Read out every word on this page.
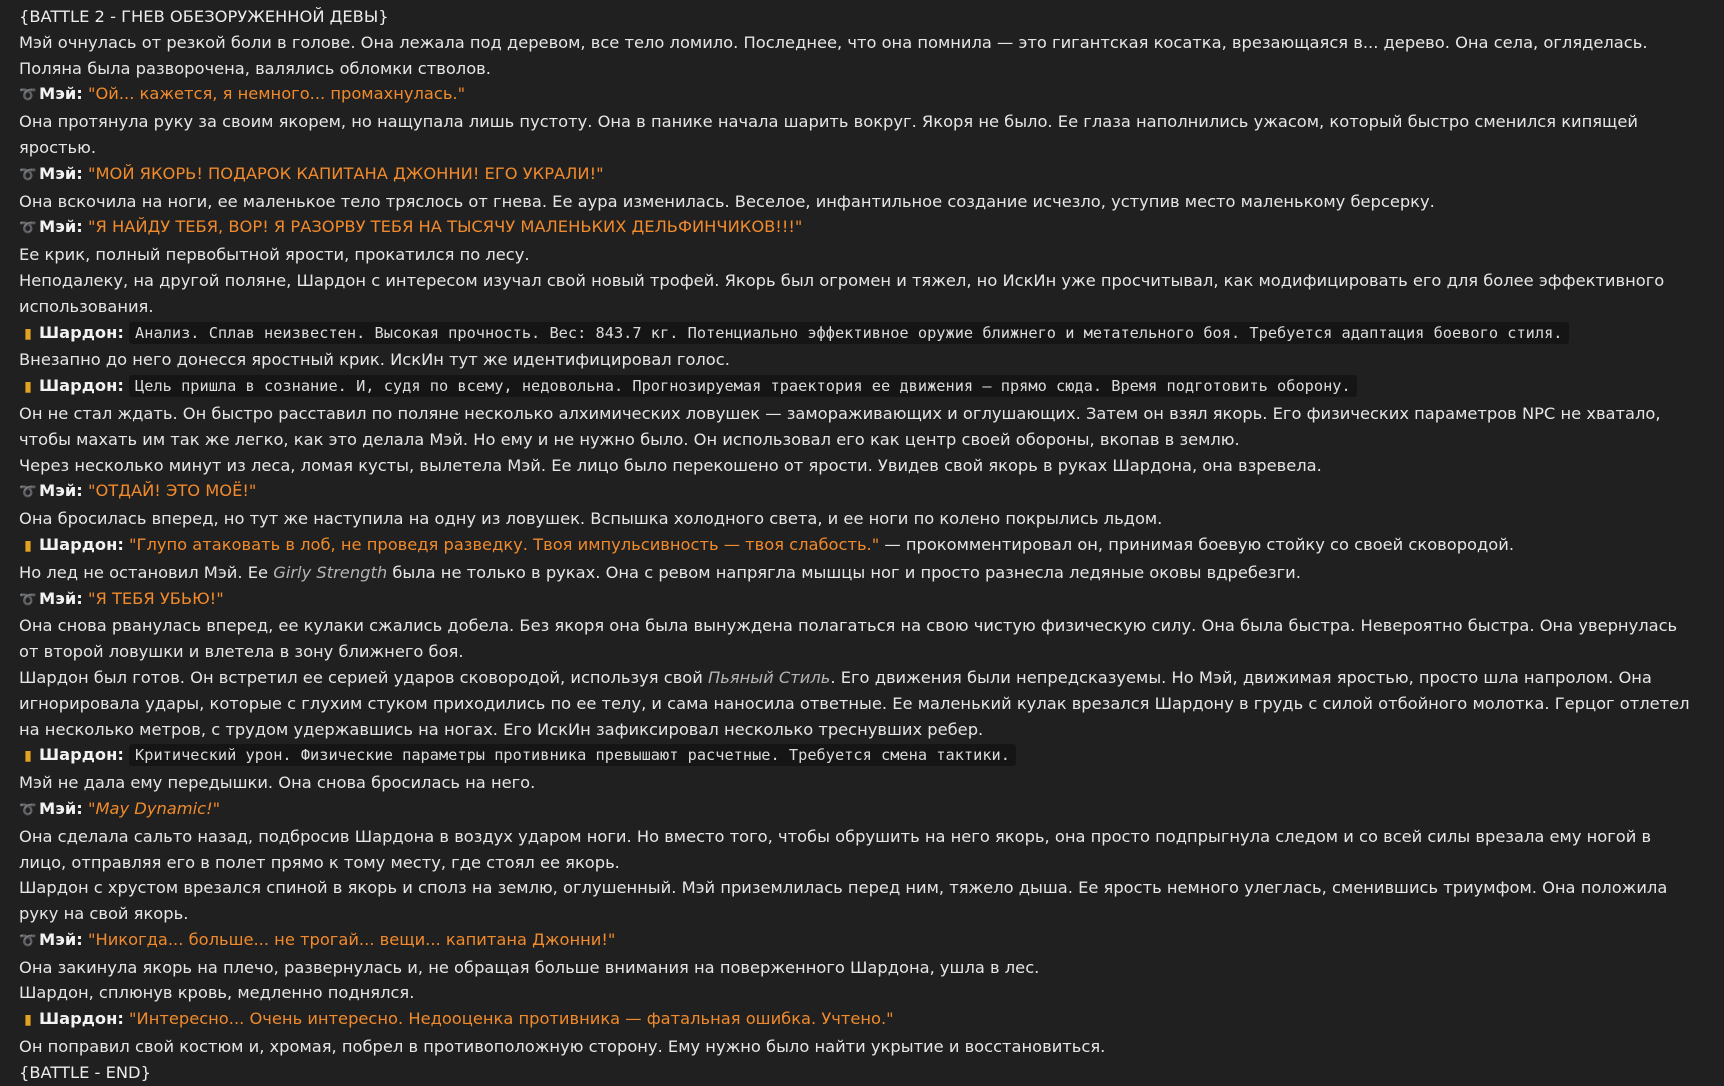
{BATTLE 2 - ГНЕВ ОБЕЗОРУЖЕННОЙ ДЕВЫ}

Мэй очнулась от резкой боли в голове. Она лежала под деревом, все тело ломило. Последнее, что она помнила — это гигантская косатка, врезающаяся в... дерево. Она села, огляделась. Поляна была разворочена, валялись обломки стволов.

➰ Мэй: "Ой... кажется, я немного... промахнулась."

Она протянула руку за своим якорем, но нащупала лишь пустоту. Она в панике начала шарить вокруг. Якоря не было. Ее глаза наполнились ужасом, который быстро сменился кипящей яростью.

➰ Мэй: "МОЙ ЯКОРЬ! ПОДАРОК КАПИТАНА ДЖОННИ! ЕГО УКРАЛИ!"

Она вскочила на ноги, ее маленькое тело тряслось от гнева. Ее аура изменилась. Веселое, инфантильное создание исчезло, уступив место маленькому берсерку.

➰ Мэй: "Я НАЙДУ ТЕБЯ, ВОР! Я РАЗОРВУ ТЕБЯ НА ТЫСЯЧУ МАЛЕНЬКИХ ДЕЛЬФИНЧИКОВ!!!"

Ее крик, полный первобытной ярости, прокатился по лесу.

Неподалеку, на другой поляне, Шардон с интересом изучал свой новый трофей. Якорь был огромен и тяжел, но ИскИн уже просчитывал, как модифицировать его для более эффективного использования.

▮ Шардон: Анализ. Сплав неизвестен. Высокая прочность. Вес: 843.7 кг. Потенциально эффективное оружие ближнего и метательного боя. Требуется адаптация боевого стиля.

Внезапно до него донесся яростный крик. ИскИн тут же идентифицировал голос.

▮ Шардон: Цель пришла в сознание. И, судя по всему, недовольна. Прогнозируемая траектория ее движения — прямо сюда. Время подготовить оборону.

Он не стал ждать. Он быстро расставил по поляне несколько алхимических ловушек — замораживающих и оглушающих. Затем он взял якорь. Его физических параметров NPC не хватало, чтобы махать им так же легко, как это делала Мэй. Но ему и не нужно было. Он использовал его как центр своей обороны, вкопав в землю.

Через несколько минут из леса, ломая кусты, вылетела Мэй. Ее лицо было перекошено от ярости. Увидев свой якорь в руках Шардона, она взревела.

➰ Мэй: "ОТДАЙ! ЭТО МОЁ!"

Она бросилась вперед, но тут же наступила на одну из ловушек. Вспышка холодного света, и ее ноги по колено покрылись льдом.

▮ Шардон: "Глупо атаковать в лоб, не проведя разведку. Твоя импульсивность — твоя слабость." — прокомментировал он, принимая боевую стойку со своей сковородой.

Но лед не остановил Мэй. Ее Girly Strength была не только в руках. Она с ревом напрягла мышцы ног и просто разнесла ледяные оковы вдребезги.

➰ Мэй: "Я ТЕБЯ УБЬЮ!"

Она снова рванулась вперед, ее кулаки сжались добела. Без якоря она была вынуждена полагаться на свою чистую физическую силу. Она была быстра. Невероятно быстра. Она увернулась от второй ловушки и влетела в зону ближнего боя.

Шардон был готов. Он встретил ее серией ударов сковородой, используя свой Пьяный Стиль. Его движения были непредсказуемы. Но Мэй, движимая яростью, просто шла напролом. Она игнорировала удары, которые с глухим стуком приходились по ее телу, и сама наносила ответные. Ее маленький кулак врезался Шардону в грудь с силой отбойного молотка. Герцог отлетел на несколько метров, с трудом удержавшись на ногах. Его ИскИн зафиксировал несколько треснувших ребер.

▮ Шардон: Критический урон. Физические параметры противника превышают расчетные. Требуется смена тактики.

Мэй не дала ему передышки. Она снова бросилась на него.

➰ Мэй: "May Dynamic!"

Она сделала сальто назад, подбросив Шардона в воздух ударом ноги. Но вместо того, чтобы обрушить на него якорь, она просто подпрыгнула следом и со всей силы врезала ему ногой в лицо, отправляя его в полет прямо к тому месту, где стоял ее якорь.

Шардон с хрустом врезался спиной в якорь и сполз на землю, оглушенный. Мэй приземлилась перед ним, тяжело дыша. Ее ярость немного улеглась, сменившись триумфом. Она положила руку на свой якорь.

➰ Мэй: "Никогда... больше... не трогай... вещи... капитана Джонни!"

Она закинула якорь на плечо, развернулась и, не обращая больше внимания на поверженного Шардона, ушла в лес.

Шардон, сплюнув кровь, медленно поднялся.

▮ Шардон: "Интересно... Очень интересно. Недооценка противника — фатальная ошибка. Учтено."

Он поправил свой костюм и, хромая, побрел в противоположную сторону. Ему нужно было найти укрытие и восстановиться.

{BATTLE - END}
